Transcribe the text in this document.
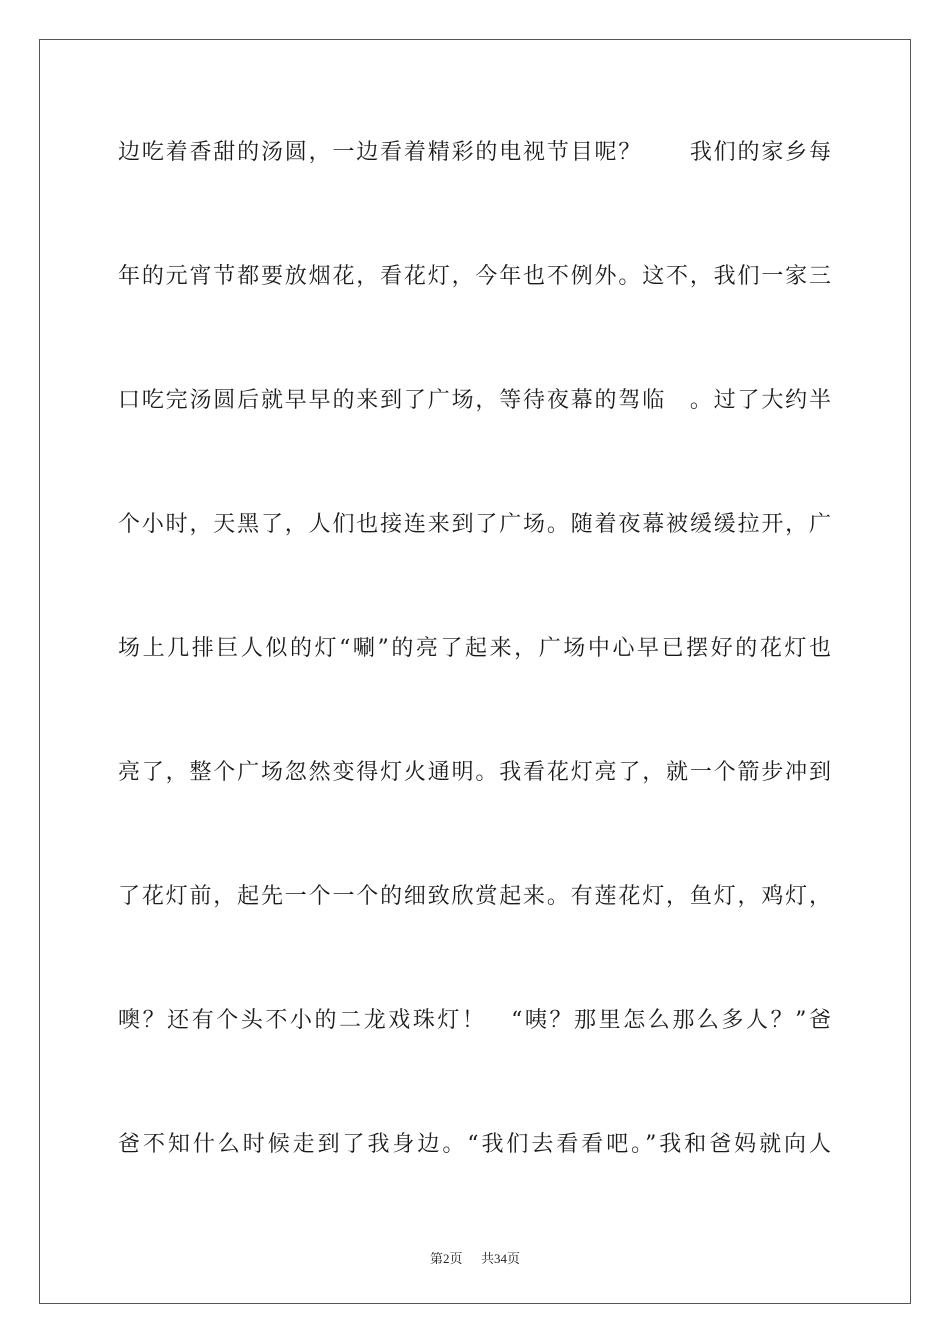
边吃着香甜的汤圆，一边看着精彩的电视节目呢？　　我们的家乡每
年的元宵节都要放烟花，看花灯，今年也不例外。这不，我们一家三
口吃完汤圆后就早早的来到了广场，等待夜幕的驾临　。过了大约半
个小时，天黑了，人们也接连来到了广场。随着夜幕被缓缓拉开，广
场上几排巨人似的灯“唰”的亮了起来，广场中心早已摆好的花灯也
亮了，整个广场忽然变得灯火通明。我看花灯亮了，就一个箭步冲到
了花灯前，起先一个一个的细致欣赏起来。有莲花灯，鱼灯，鸡灯，
噢？还有个头不小的二龙戏珠灯！　“咦？那里怎么那么多人？”爸
爸不知什么时候走到了我身边。“我们去看看吧。”我和爸妈就向人
第2页 共34页
